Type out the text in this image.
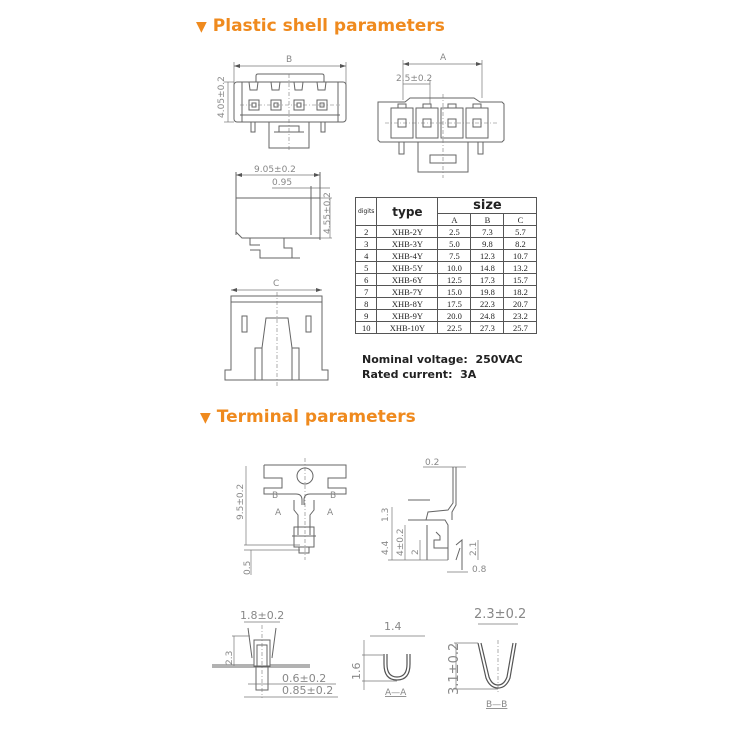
▼ Plastic shell parameters
▼ Terminal parameters
B
4.05±0.2
A
2.5±0.2
9.05±0.2
0.95
4.55±0.2
C
B	B
A	A
9.5±0.2
0.5
0.2
1.3
4.4 4±0.2 2	2.1
0.8
1.8±0.2
2.3
0.6±0.2
0.85±0.2
1.4
1.6
A—A
2.3±0.2
3.1±0.2
B—B
digits	type	size		
		A	B	C
2	XHB-2Y	2.5	7.3	5.7
3	XHB-3Y	5.0	9.8	8.2
4	XHB-4Y	7.5	12.3	10.7
5	XHB-5Y	10.0	14.8	13.2
6	XHB-6Y	12.5	17.3	15.7
7	XHB-7Y	15.0	19.8	18.2
8	XHB-8Y	17.5	22.3	20.7
9	XHB-9Y	20.0	24.8	23.2
10	XHB-10Y	22.5	27.3	25.7
Nominal voltage: 250VAC
Rated current: 3A
